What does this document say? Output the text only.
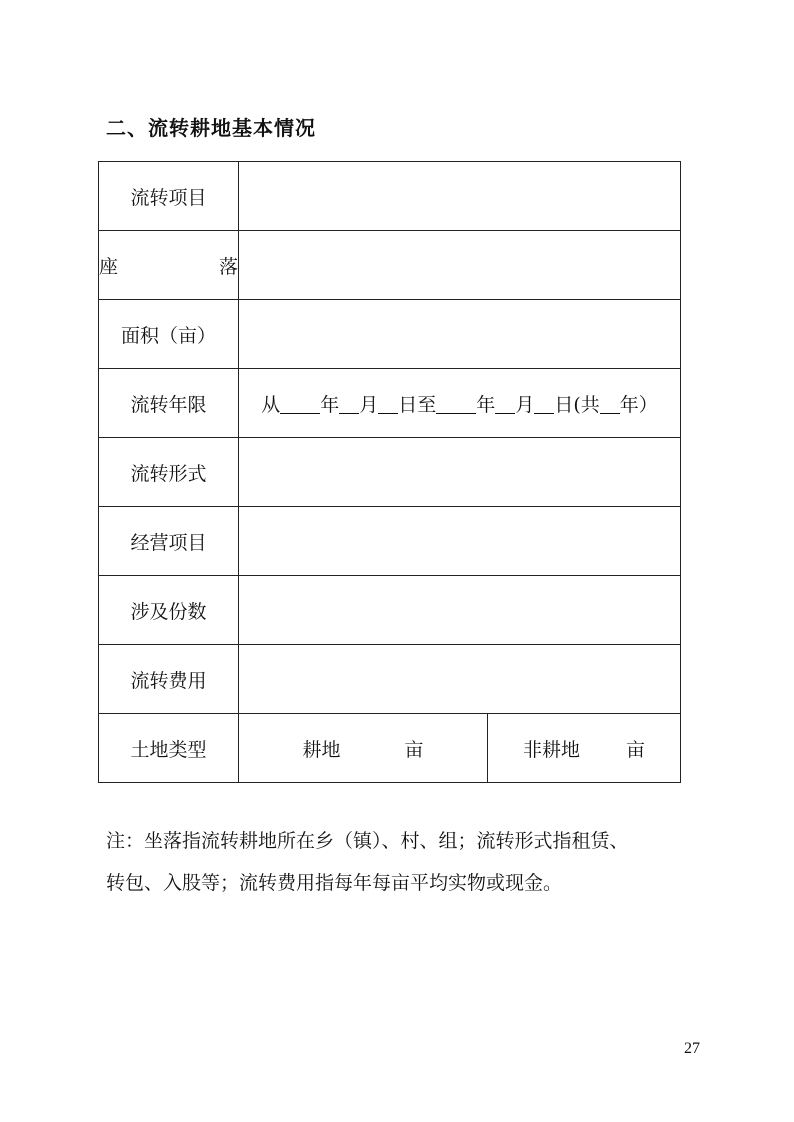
二、流转耕地基本情况
流转项目	
座　落	
面积（亩）	
流转年限	从 年 月 日至 年 月 日(共 年）
流转形式	
经营项目	
涉及份数	
流转费用	
土地类型	耕地 亩 非耕地 亩
注：坐落指流转耕地所在乡（镇）、村、组；流转形式指租赁、
转包、入股等；流转费用指每年每亩平均实物或现金。
27
